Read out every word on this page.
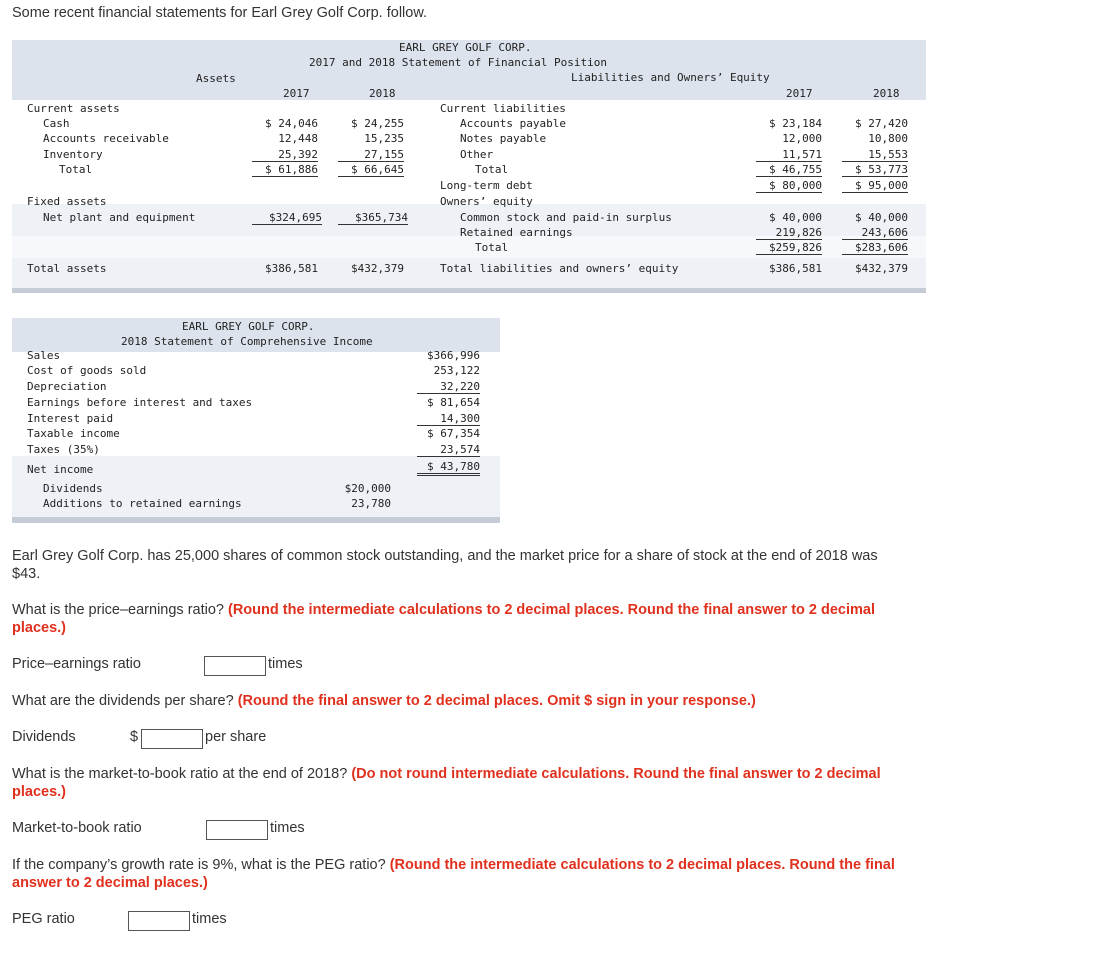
Some recent financial statements for Earl Grey Golf Corp. follow.
EARL GREY GOLF CORP.
2017 and 2018 Statement of Financial Position
Assets	Liabilities and Owners’ Equity
2017	2018	2017	2018
Current assets
Cash	$ 24,046	$ 24,255
Accounts receivable	12,448	15,235
Inventory	25,392	27,155
Total	$ 61,886	$ 66,645
Fixed assets
Net plant and equipment	$324,695	$365,734
Total assets	$386,581	$432,379
Current liabilities
Accounts payable	$ 23,184	$ 27,420
Notes payable	12,000	10,800
Other	11,571	15,553
Total	$ 46,755	$ 53,773
Long-term debt	$ 80,000	$ 95,000
Owners’ equity
Common stock and paid-in surplus	$ 40,000	$ 40,000
Retained earnings	219,826	243,606
Total	$259,826	$283,606
Total liabilities and owners’ equity	$386,581	$432,379
EARL GREY GOLF CORP.
2018 Statement of Comprehensive Income
Sales	$366,996
Cost of goods sold	253,122
Depreciation	32,220
Earnings before interest and taxes	$ 81,654
Interest paid	14,300
Taxable income	$ 67,354
Taxes (35%)	23,574
Net income	$ 43,780
Dividends	$20,000
Additions to retained earnings	23,780
Earl Grey Golf Corp. has 25,000 shares of common stock outstanding, and the market price for a share of stock at the end of 2018 was
$43.
What is the price–earnings ratio? (Round the intermediate calculations to 2 decimal places. Round the final answer to 2 decimal
places.)
Price–earnings ratio	times
What are the dividends per share? (Round the final answer to 2 decimal places. Omit $ sign in your response.)
Dividends	$	per share
What is the market-to-book ratio at the end of 2018? (Do not round intermediate calculations. Round the final answer to 2 decimal
places.)
Market-to-book ratio	times
If the company’s growth rate is 9%, what is the PEG ratio? (Round the intermediate calculations to 2 decimal places. Round the final
answer to 2 decimal places.)
PEG ratio	times
